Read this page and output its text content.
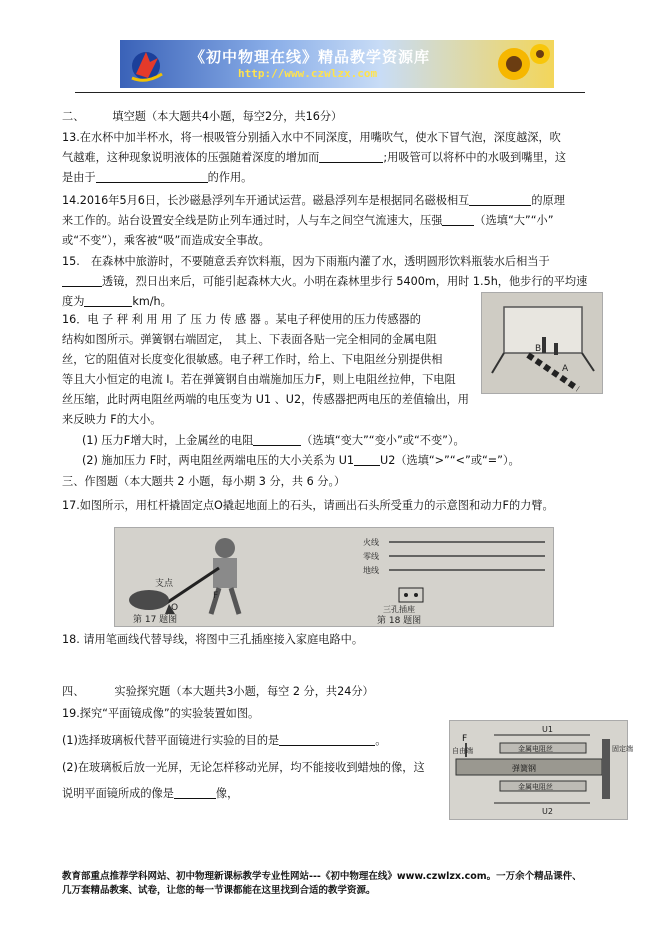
《初中物理在线》精品教学资源库
http://www.czwlzx.com
二、	填空题（本大题共4小题，每空2分，共16分）
13.在水杯中加半杯水，将一根吸管分别插入水中不同深度，用嘴吹气，使水下冒气泡，深度越深，吹
气越难，这种现象说明液体的压强随着深度的增加而	;用吸管可以将杯中的水吸到嘴里，这
是由于	的作用。
14.2016年5月6日，长沙磁悬浮列车开通试运营。磁悬浮列车是根据同名磁极相互	的原理
来工作的。站台设置安全线是防止列车通过时，人与车之间空气流速大，压强	（选填“大”“小”
或“不变”），乘客被“吸”而造成安全事故。
15.　在森林中旅游时，不要随意丢弃饮料瓶，因为下雨瓶内灌了水，透明圆形饮料瓶装水后相当于
透镜，烈日出来后，可能引起森林大火。小明在森林里步行 5400m，用时 1.5h，他步行的平均速
度为	km/h。
B
A
16．电 子 秤 利 用 用 了 压 力 传 感 器 。某电子秤使用的压力传感器的
结构如图所示。弹簧钢右端固定，　其上、下表面各贴一完全相同的金属电阻
丝，它的阻值对长度变化很敏感。电子秤工作时，给上、下电阻丝分别提供相
等且大小恒定的电流 I。若在弹簧钢自由端施加压力F，则上电阻丝拉伸，下电阻
丝压缩，此时两电阻丝两端的电压变为 U1 、U2，传感器把两电压的差值输出，用
来反映力 F的大小。
(1) 压力F增大时，上金属丝的电阻	（选填“变大”“变小”或“不变”）。
(2) 施加压力 F时，两电阻丝两端电压的大小关系为 U1 U2（选填“>”“<”或“=”）。
三、作图题（本大题共 2 小题，每小期 3 分，共 6 分。）
17.如图所示，用杠杆撬固定点O撬起地面上的石头，请画出石头所受重力的示意图和动力F的力臂。
支点
O
F
第 17 题图
火线
零线
地线
三孔插座
第 18 题图
18. 请用笔画线代替导线，将图中三孔插座接入家庭电路中。
四、	实验探究题（本大题共3小题，每空 2 分，共24分）
19.探究“平面镜成像”的实验装置如图。
(1)选择玻璃板代替平面镜进行实验的目的是	。
(2)在玻璃板后放一光屏，无论怎样移动光屏，均不能接收到蜡烛的像，这
说明平面镜所成的像是	像，
U1
金属电阻丝
弹簧钢
金属电阻丝
U2
固定端
自由端
F
教育部重点推荐学科网站、初中物理新课标教学专业性网站---《初中物理在线》www.czwlzx.com。一万余个精品课件、
几万套精品教案、试卷，让您的每一节课都能在这里找到合适的教学资源。
